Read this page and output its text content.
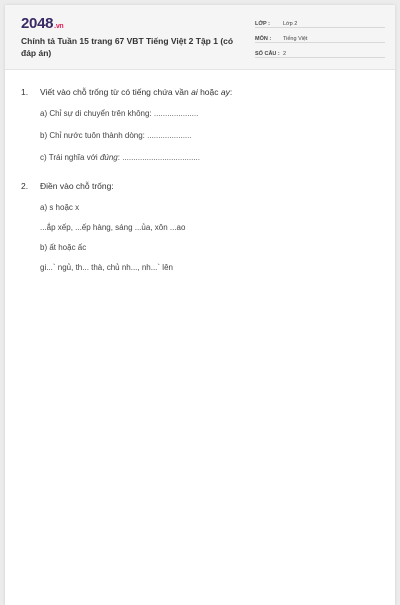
2048.vn
Chính tả Tuần 15 trang 67 VBT Tiếng Việt 2 Tập 1 (có đáp án)
LỚP :	Lớp 2
MÔN :	Tiếng Việt
SỐ CÂU : 2
1.	Viết vào chỗ trống từ có tiếng chứa vần ai hoặc ay:
a) Chỉ sự di chuyển trên không: ....................
b) Chỉ nước tuôn thành dòng: ....................
c) Trái nghĩa với đúng: ...................................
2.	Điền vào chỗ trống:
a) s hoặc x
...ắp xếp, ...ếp hàng, sáng ...ủa, xôn ...ao
b) ất hoặc ấc
gi...` ngủ, th... thà, chủ nh..., nh...` lên
